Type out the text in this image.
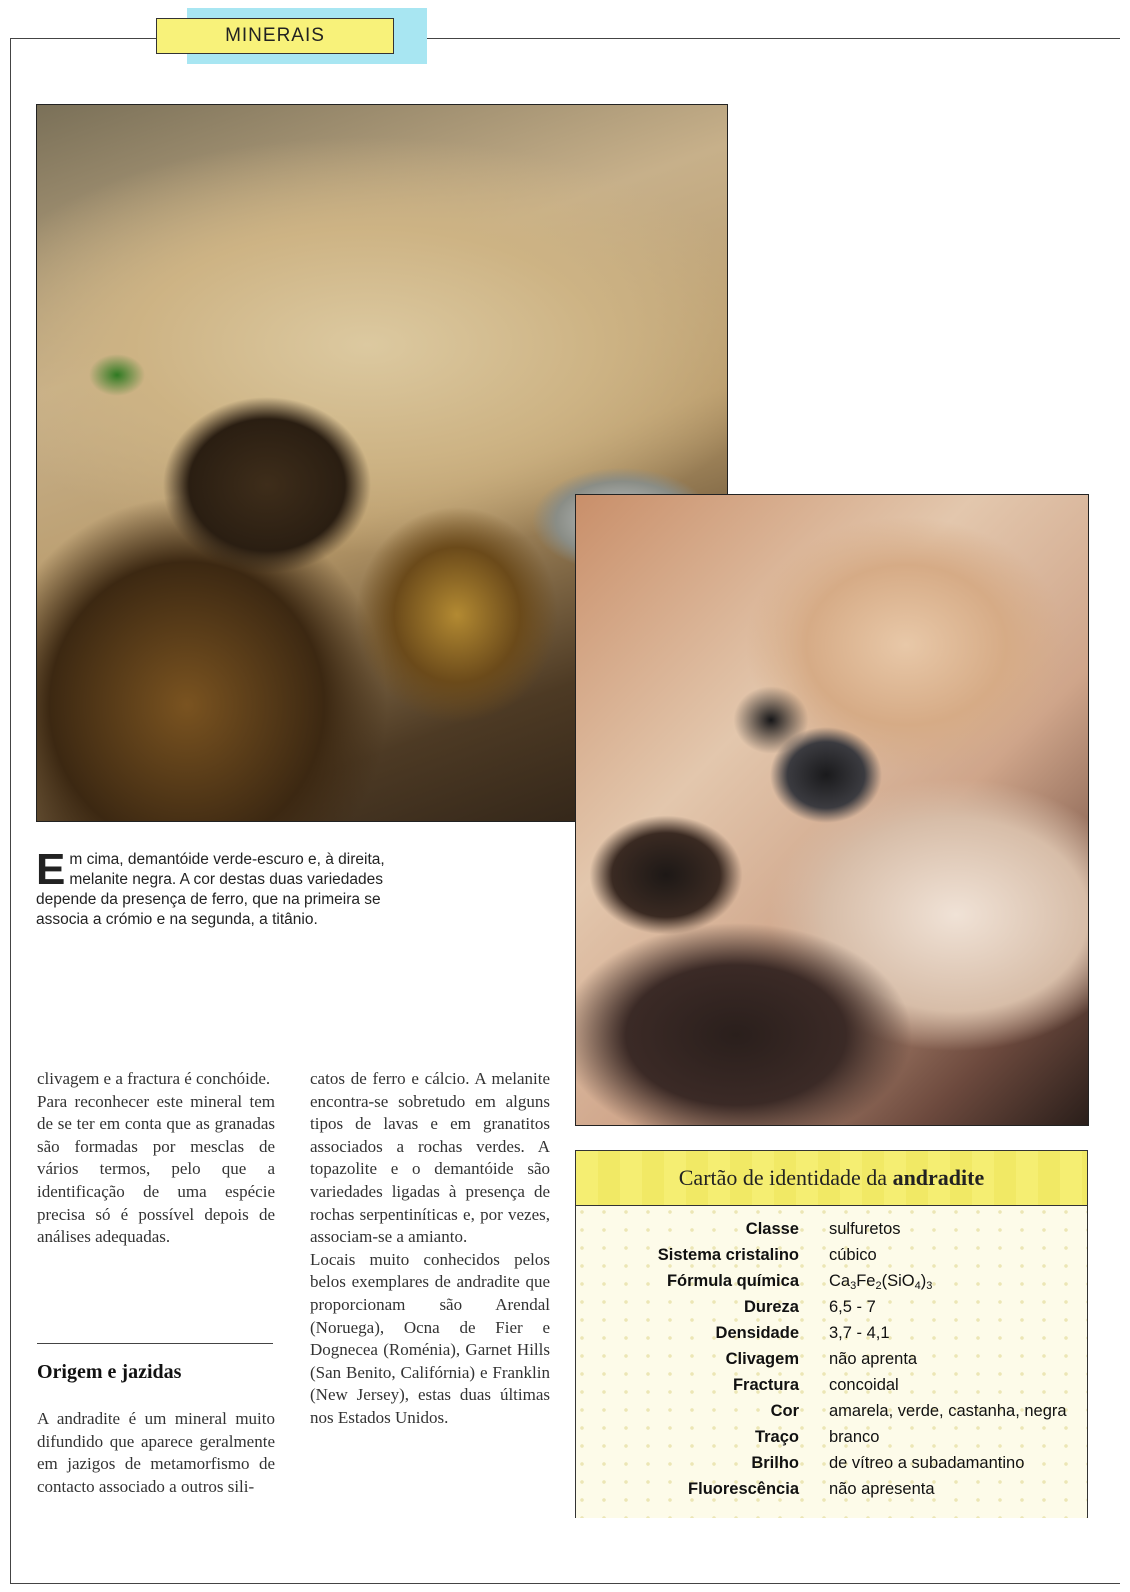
MINERAIS
Em cima, demantóide verde-escuro e, à direita, melanite negra. A cor destas duas variedades depende da presença de ferro, que na primeira se associa a crómio e na segunda, a titânio.

clivagem e a fractura é conchóide.

Para reconhecer este mineral tem de se ter em conta que as granadas são formadas por mesclas de vários termos, pelo que a identificação de uma espécie precisa só é possível depois de análises adequadas.

Origem e jazidas

A andradite é um mineral muito difundido que aparece geralmente em jazigos de metamorfismo de contacto associado a outros sili-

catos de ferro e cálcio. A melanite encontra-se sobretudo em alguns tipos de lavas e em granatitos associados a rochas verdes. A topazolite e o demantóide são variedades ligadas à presença de rochas serpentiníticas e, por vezes, associam-se a amianto.

Locais muito conhecidos pelos belos exemplares de andradite que proporcionam são Arendal (Noruega), Ocna de Fier e Dognecea (Roménia), Garnet Hills (San Benito, Califórnia) e Franklin (New Jersey), estas duas últimas nos Estados Unidos.

Cartão de identidade da andradite
Classe sulfuretos
Sistema cristalino cúbico
Fórmula química $Ca_3Fe_2(SiO_4)_3$
Dureza 6,5 - 7
Densidade 3,7 - 4,1
Clivagem não aprenta
Fractura concoidal
Cor amarela, verde, castanha, negra
Traço branco
Brilho de vítreo a subadamantino
Fluorescência não apresenta
